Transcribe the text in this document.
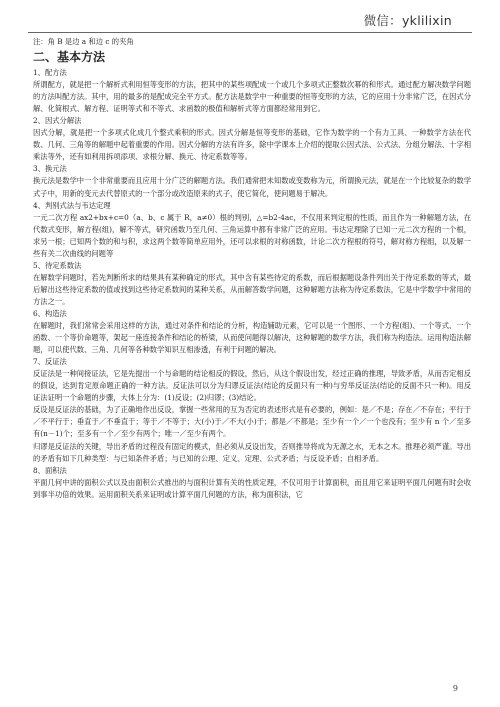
微信：yklilixin

注：角 B 是边 a 和边 c 的夹角

二、基本方法

1、配方法

所谓配方，就是把一个解析式利用恒等变形的方法，把其中的某些项配成一个或几个多项式正整数次幂的和形式。通过配方解决数学问题的方法叫配方法。其中，用的最多的是配成完全平方式。配方法是数学中一种重要的恒等变形的方法，它的应用十分非常广泛，在因式分解、化简根式、解方程、证明等式和不等式、求函数的极值和解析式等方面都经常用到它。

2、因式分解法

因式分解，就是把一个多项式化成几个整式乘积的形式。因式分解是恒等变形的基础，它作为数学的一个有力工具、一种数学方法在代数、几何、三角等的解题中起着重要的作用。因式分解的方法有许多，除中学课本上介绍的提取公因式法、公式法、分组分解法、十字相乘法等外，还有如利用拆项添项、求根分解、换元、待定系数等等。

3、换元法

换元法是数学中一个非常重要而且应用十分广泛的解题方法。我们通常把未知数或变数称为元，所谓换元法，就是在一个比较复杂的数学式子中，用新的变元去代替原式的一个部分或改造原来的式子，使它简化，使问题易于解决。

4、判别式法与韦达定理

一元二次方程 ax2+bx+c=0（a、b、c 属于 R，a≠0）根的判别，△=b2-4ac，不仅用来判定根的性质，而且作为一种解题方法，在代数式变形，解方程(组)，解不等式，研究函数乃至几何、三角运算中都有非常广泛的应用。韦达定理除了已知一元二次方程的一个根，求另一根；已知两个数的和与积，求这两个数等简单应用外，还可以求根的对称函数，计论二次方程根的符号，解对称方程组，以及解一些有关二次曲线的问题等

5、待定系数法

在解数学问题时，若先判断所求的结果具有某种确定的形式，其中含有某些待定的系数，而后根据题设条件列出关于待定系数的等式，最后解出这些待定系数的值或找到这些待定系数间的某种关系，从而解答数学问题，这种解题方法称为待定系数法，它是中学数学中常用的方法之一。

6、构造法

在解题时，我们常常会采用这样的方法，通过对条件和结论的分析，构造辅助元素，它可以是一个图形、一个方程(组)、一个等式、一个函数、一个等价命题等，架起一座连接条件和结论的桥梁，从而使问题得以解决，这种解题的数学方法，我们称为构造法。运用构造法解题，可以使代数、三角、几何等各种数学知识互相渗透，有利于问题的解决。

7、反证法

反证法是一种间接证法，它是先提出一个与命题的结论相反的假设，然后，从这个假设出发，经过正确的推理，导致矛盾，从而否定相反的假设，达到肯定原命题正确的一种方法。反证法可以分为归谬反证法(结论的反面只有一种)与穷举反证法(结论的反面不只一种)。用反证法证明一个命题的步骤，大体上分为：(1)反设；(2)归谬；(3)结论。

反设是反证法的基础，为了正确地作出反设，掌握一些常用的互为否定的表述形式是有必要的，例如：是／不是；存在／不存在；平行于／不平行于；垂直于／不垂直于；等于／不等于；大(小)于／不大(小)于；都是／不都是；至少有一个／一个也没有；至少有 n 个／至多有(n－1)个；至多有一个／至少有两个；唯一／至少有两个。

归谬是反证法的关键，导出矛盾的过程没有固定的模式，但必须从反设出发，否则推导将成为无源之水，无本之木。推理必须严谨。导出的矛盾有如下几种类型：与已知条件矛盾；与已知的公理、定义、定理、公式矛盾；与反设矛盾；自相矛盾。

8、面积法

平面几何中讲的面积公式以及由面积公式推出的与面积计算有关的性质定理，不仅可用于计算面积，而且用它来证明平面几何题有时会收到事半功倍的效果。运用面积关系来证明或计算平面几何题的方法，称为面积法，它

9
